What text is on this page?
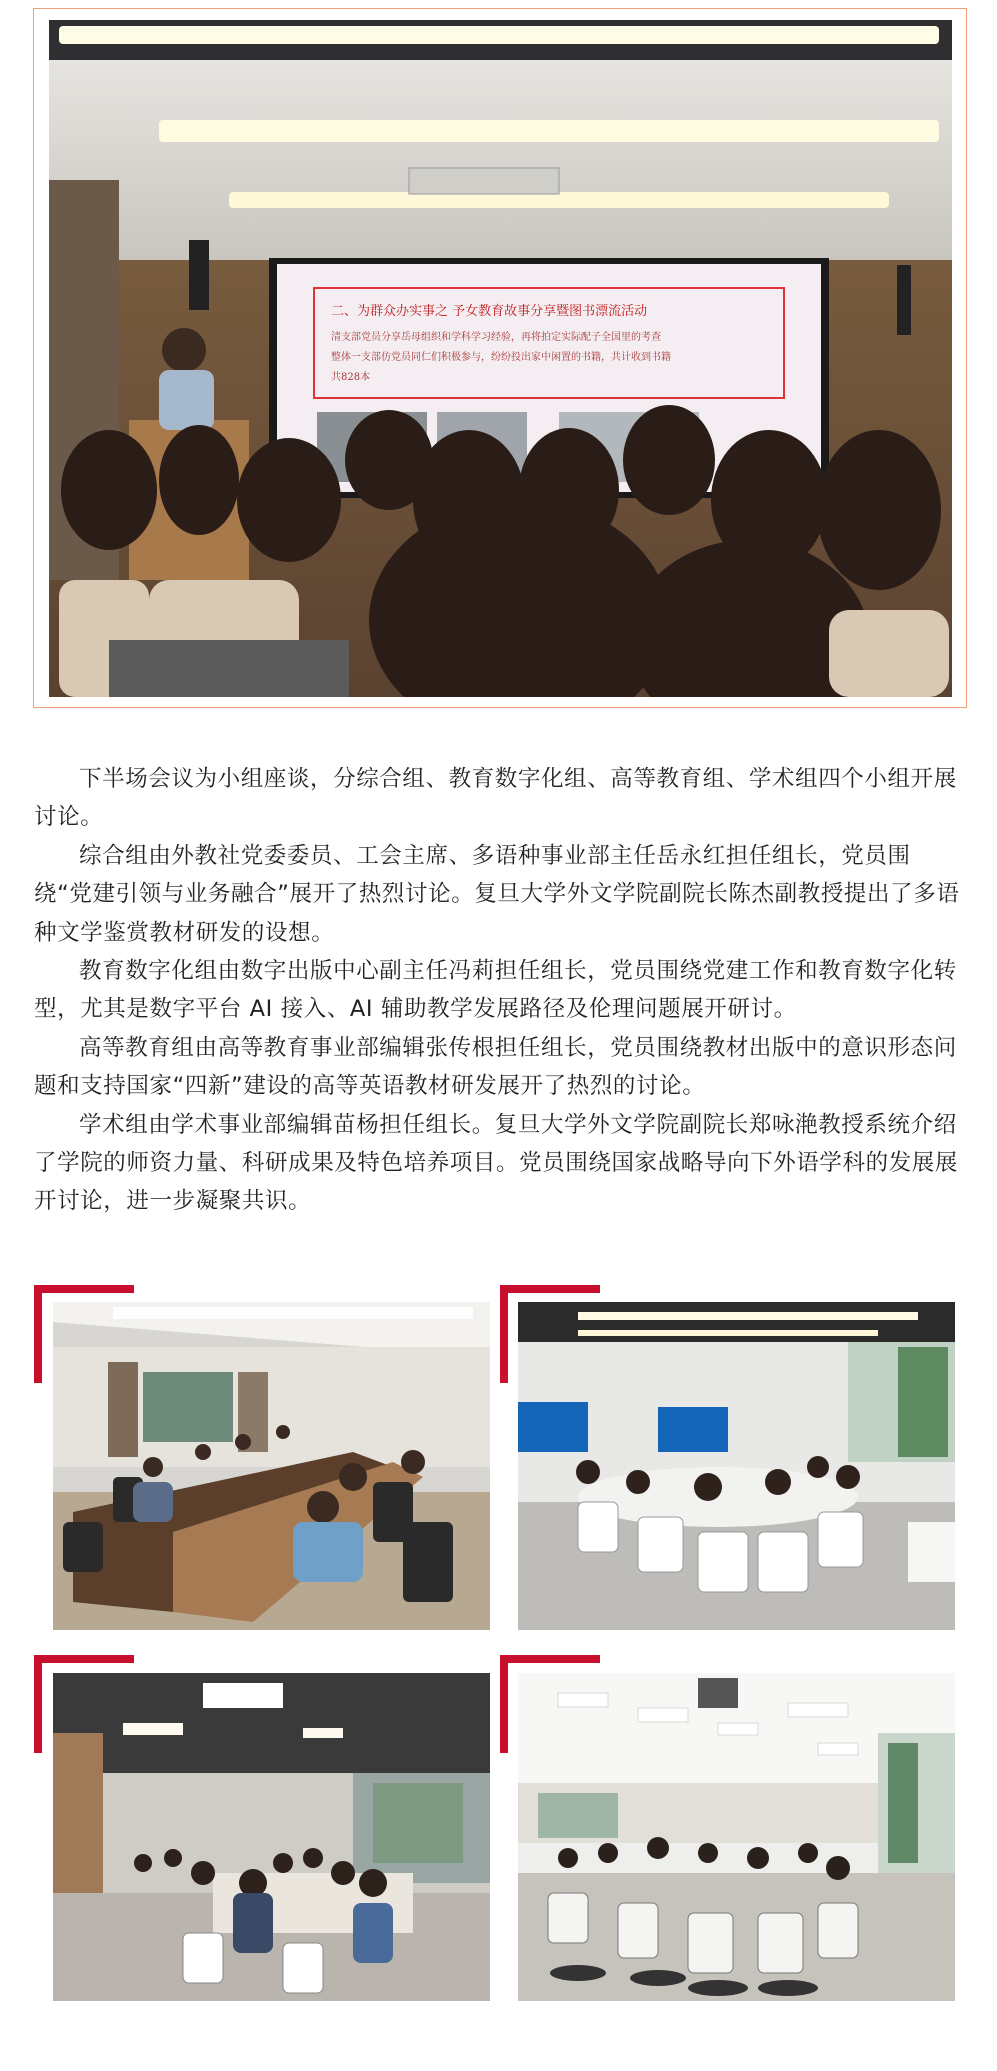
二、为群众办实事之 予女教育故事分享暨图书漂流活动
清支部党员分享岳母组织和学科学习经验，再将拍定实际配子全国里的考查
整体一支部仿党员同仁们积极参与，纷纷投出家中闲置的书籍，共计收到书籍
共828本

下半场会议为小组座谈，分综合组、教育数字化组、高等教育组、学术组四个小组开展讨论。

综合组由外教社党委委员、工会主席、多语种事业部主任岳永红担任组长，党员围绕“党建引领与业务融合”展开了热烈讨论。复旦大学外文学院副院长陈杰副教授提出了多语种文学鉴赏教材研发的设想。

教育数字化组由数字出版中心副主任冯莉担任组长，党员围绕党建工作和教育数字化转型，尤其是数字平台 AI 接入、AI 辅助教学发展路径及伦理问题展开研讨。

高等教育组由高等教育事业部编辑张传根担任组长，党员围绕教材出版中的意识形态问题和支持国家“四新”建设的高等英语教材研发展开了热烈的讨论。

学术组由学术事业部编辑苗杨担任组长。复旦大学外文学院副院长郑咏滟教授系统介绍了学院的师资力量、科研成果及特色培养项目。党员围绕国家战略导向下外语学科的发展展开讨论，进一步凝聚共识。
